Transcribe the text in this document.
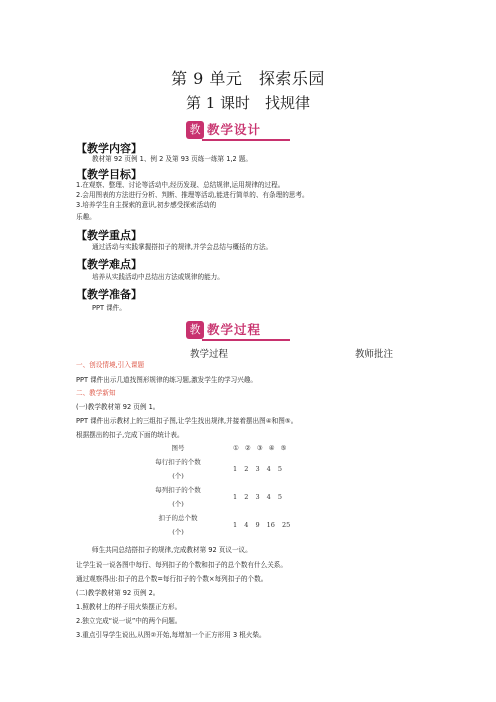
第 9 单元　探索乐园
第 1 课时　找规律
教 教学设计
【教学内容】
教材第 92 页例 1、例 2 及第 93 页练一练第 1,2 题。
【教学目标】
1.在观察、整理、讨论等活动中,经历发现、总结规律,运用规律的过程。
2.会用图表的方法进行分析、判断、推理等活动,能进行简单的、有条理的思考。
3.培养学生自主探索的意识,初步感受探索活动的
乐趣。
【教学重点】
通过活动与实践掌握搭扣子的规律,并学会总结与概括的方法。
【教学难点】
培养从实践活动中总结出方法或规律的能力。
【教学准备】
PPT 课件。
教 教学过程
教学过程	教师批注
一、创设情境,引入课题
PPT 课件出示几道找图形规律的练习题,激发学生的学习兴趣。
二、教学新知
(一)教学教材第 92 页例 1。
PPT 课件出示教材上的三组扣子图,让学生找出规律,并接着摆出图④和图⑤。
根据摆出的扣子,完成下面的统计表。
图号	① ② ③ ④ ⑤
每行扣子的个数
(个)
1 2 3 4 5
每列扣子的个数
(个)
1 2 3 4 5
扣子的总个数
(个)
1 4 9 16 25
师生共同总结搭扣子的规律,完成教材第 92 页议一议。
让学生说一说各图中每行、每列扣子的个数和扣子的总个数有什么关系。
通过观察得出:扣子的总个数=每行扣子的个数×每列扣子的个数。
(二)教学教材第 92 页例 2。
1.照教材上的样子用火柴摆正方形。
2.独立完成“说一说”中的两个问题。
3.重点引导学生说出,从图②开始,每增加一个正方形用 3 根火柴。
